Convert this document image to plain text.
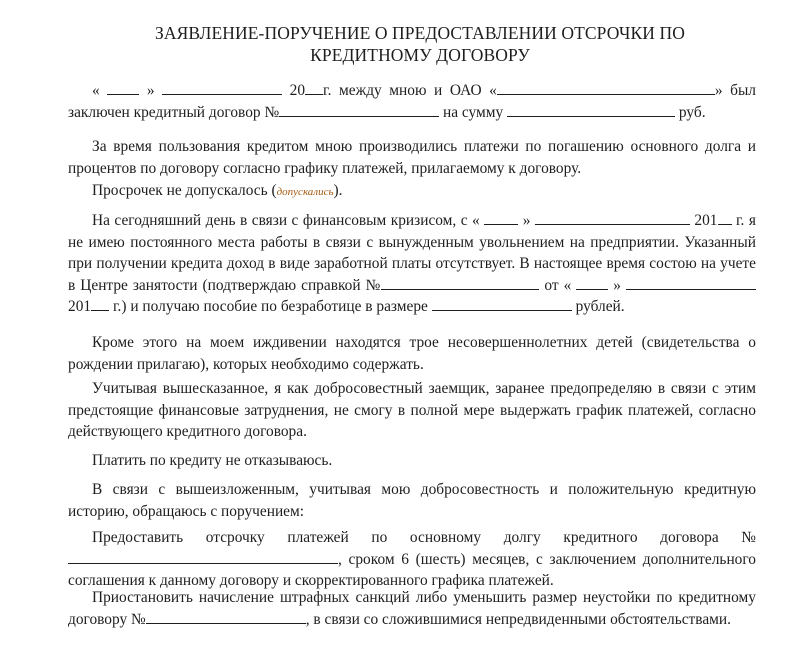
ЗАЯВЛЕНИЕ-ПОРУЧЕНИЕ О ПРЕДОСТАВЛЕНИИ ОТСРОЧКИ ПО КРЕДИТНОМУ ДОГОВОРУ

«	»	20 г. между мною и ОАО «	» был заключен кредитный договор №	на сумму	руб.

За время пользования кредитом мною производились платежи по погашению основного долга и процентов по договору согласно графику платежей, прилагаемому к договору.

Просрочек не допускалось (допускались).

На сегодняшний день в связи с финансовым кризисом, с «	»	201 г. я не имею постоянного места работы в связи с вынужденным увольнением на предприятии. Указанный при получении кредита доход в виде заработной платы отсутствует. В настоящее время состою на учете в Центре занятости (подтверждаю справкой №	от «	»  201 г.) и получаю пособие по безработице в размере	рублей.

Кроме этого на моем иждивении находятся трое несовершеннолетних детей (свидетельства о рождении прилагаю), которых необходимо содержать.

Учитывая вышесказанное, я как добросовестный заемщик, заранее предопределяю в связи с этим предстоящие финансовые затруднения, не смогу в полной мере выдержать график платежей, согласно действующего кредитного договора.

Платить по кредиту не отказываюсь.

В связи с вышеизложенным, учитывая мою добросовестность и положительную кредитную историю, обращаюсь с поручением:

Предоставить отсрочку платежей по основному долгу кредитного договора №, сроком 6 (шесть) месяцев, с заключением дополнительного соглашения к данному договору и скорректированного графика платежей.

Приостановить начисление штрафных санкций либо уменьшить размер неустойки по кредитному договору №	, в связи со сложившимися непредвиденными обстоятельствами.
